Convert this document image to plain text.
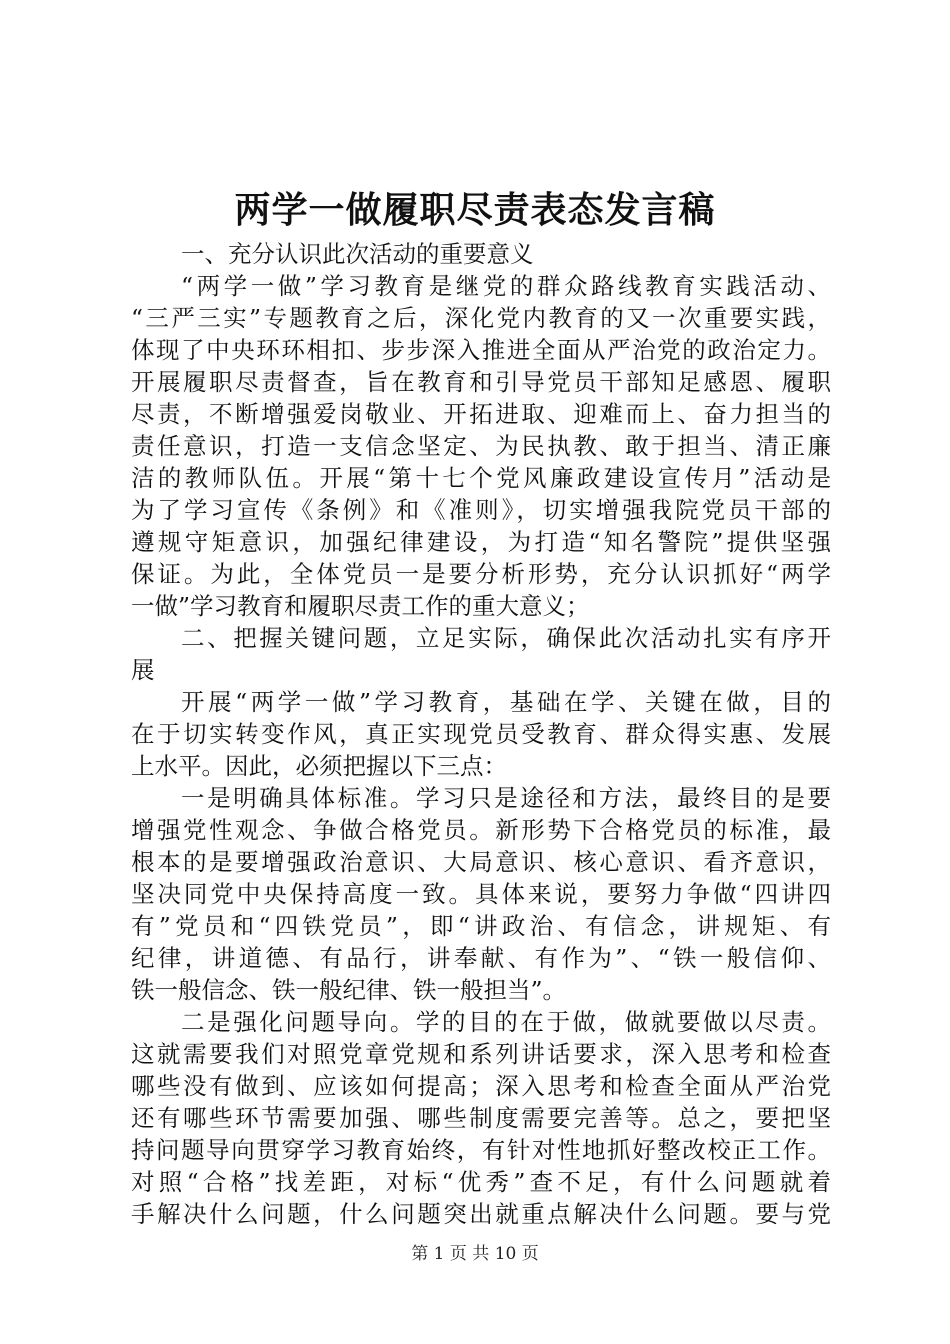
两学一做履职尽责表态发言稿
一、充分认识此次活动的重要意义
“两学一做”学习教育是继党的群众路线教育实践活动、
“三严三实”专题教育之后，深化党内教育的又一次重要实践，
体现了中央环环相扣、步步深入推进全面从严治党的政治定力。
开展履职尽责督查，旨在教育和引导党员干部知足感恩、履职
尽责，不断增强爱岗敬业、开拓进取、迎难而上、奋力担当的
责任意识，打造一支信念坚定、为民执教、敢于担当、清正廉
洁的教师队伍。开展“第十七个党风廉政建设宣传月”活动是
为了学习宣传《条例》和《准则》，切实增强我院党员干部的
遵规守矩意识，加强纪律建设，为打造“知名警院”提供坚强
保证。为此，全体党员一是要分析形势，充分认识抓好“两学
一做”学习教育和履职尽责工作的重大意义；
二、把握关键问题，立足实际，确保此次活动扎实有序开
展
开展“两学一做”学习教育，基础在学、关键在做，目的
在于切实转变作风，真正实现党员受教育、群众得实惠、发展
上水平。因此，必须把握以下三点：
一是明确具体标准。学习只是途径和方法，最终目的是要
增强党性观念、争做合格党员。新形势下合格党员的标准，最
根本的是要增强政治意识、大局意识、核心意识、看齐意识，
坚决同党中央保持高度一致。具体来说，要努力争做“四讲四
有”党员和“四铁党员”，即“讲政治、有信念，讲规矩、有
纪律，讲道德、有品行，讲奉献、有作为”、“铁一般信仰、
铁一般信念、铁一般纪律、铁一般担当”。
二是强化问题导向。学的目的在于做，做就要做以尽责。
这就需要我们对照党章党规和系列讲话要求，深入思考和检查
哪些没有做到、应该如何提高；深入思考和检查全面从严治党
还有哪些环节需要加强、哪些制度需要完善等。总之，要把坚
持问题导向贯穿学习教育始终，有针对性地抓好整改校正工作。
对照“合格”找差距，对标“优秀”查不足，有什么问题就着
手解决什么问题，什么问题突出就重点解决什么问题。要与党
第 1 页 共 10 页
